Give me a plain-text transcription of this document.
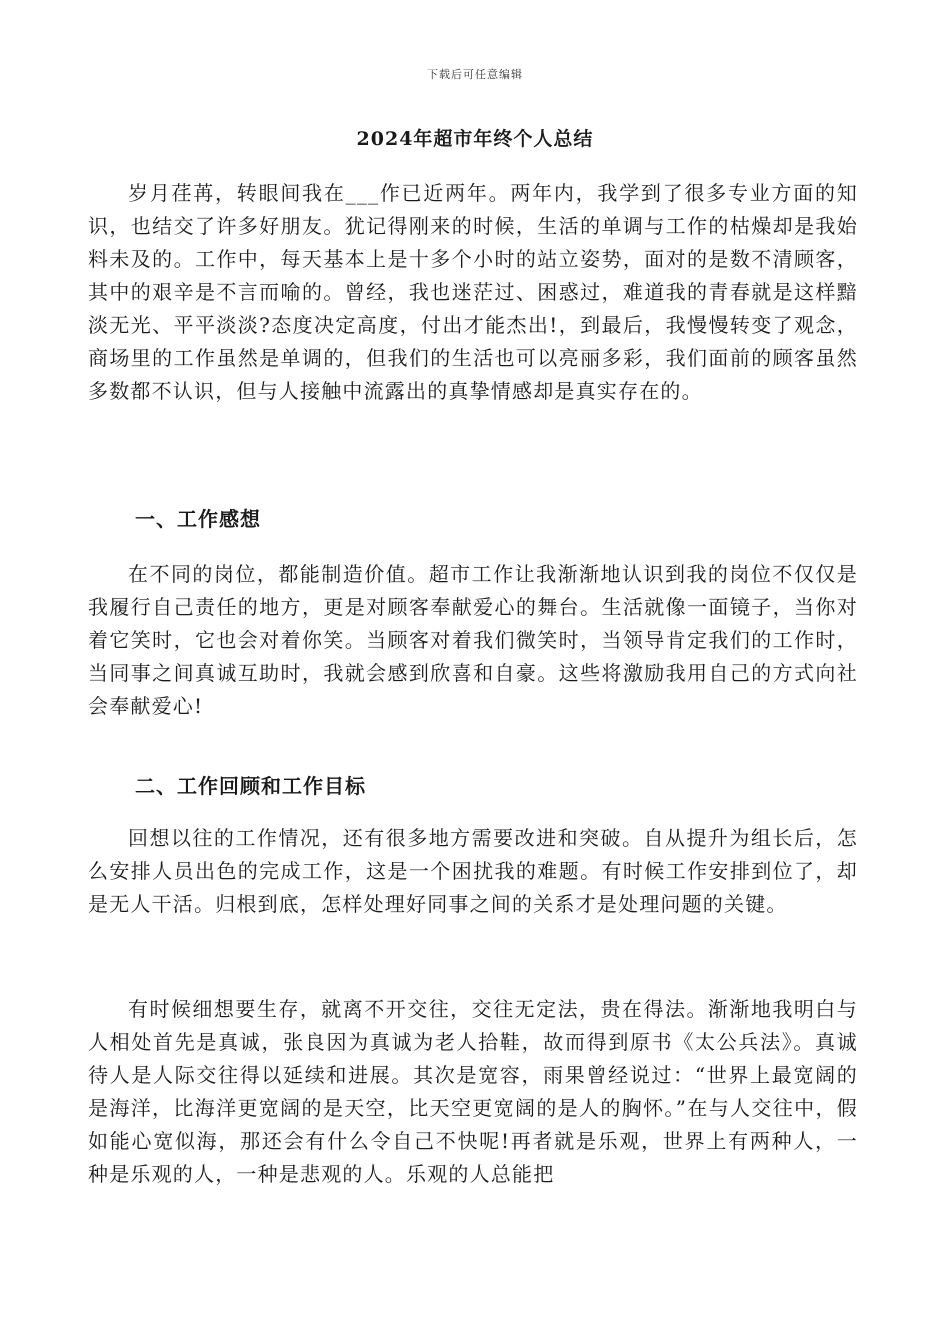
下载后可任意编辑
2024年超市年终个人总结

岁月荏苒，转眼间我在___作已近两年。两年内，我学到了很多专业方面的知识，也结交了许多好朋友。犹记得刚来的时候，生活的单调与工作的枯燥却是我始料未及的。工作中，每天基本上是十多个小时的站立姿势，面对的是数不清顾客，其中的艰辛是不言而喻的。曾经，我也迷茫过、困惑过，难道我的青春就是这样黯淡无光、平平淡淡?态度决定高度，付出才能杰出!，到最后，我慢慢转变了观念，商场里的工作虽然是单调的，但我们的生活也可以亮丽多彩，我们面前的顾客虽然多数都不认识，但与人接触中流露出的真挚情感却是真实存在的。

一、工作感想

在不同的岗位，都能制造价值。超市工作让我渐渐地认识到我的岗位不仅仅是我履行自己责任的地方，更是对顾客奉献爱心的舞台。生活就像一面镜子，当你对着它笑时，它也会对着你笑。当顾客对着我们微笑时，当领导肯定我们的工作时，当同事之间真诚互助时，我就会感到欣喜和自豪。这些将激励我用自己的方式向社会奉献爱心!

二、工作回顾和工作目标

回想以往的工作情况，还有很多地方需要改进和突破。自从提升为组长后，怎么安排人员出色的完成工作，这是一个困扰我的难题。有时候工作安排到位了，却是无人干活。归根到底，怎样处理好同事之间的关系才是处理问题的关键。

有时候细想要生存，就离不开交往，交往无定法，贵在得法。渐渐地我明白与人相处首先是真诚，张良因为真诚为老人拾鞋，故而得到原书《太公兵法》。真诚待人是人际交往得以延续和进展。其次是宽容，雨果曾经说过：“世界上最宽阔的是海洋，比海洋更宽阔的是天空，比天空更宽阔的是人的胸怀。”在与人交往中，假如能心宽似海，那还会有什么令自己不快呢!再者就是乐观，世界上有两种人，一种是乐观的人，一种是悲观的人。乐观的人总能把
